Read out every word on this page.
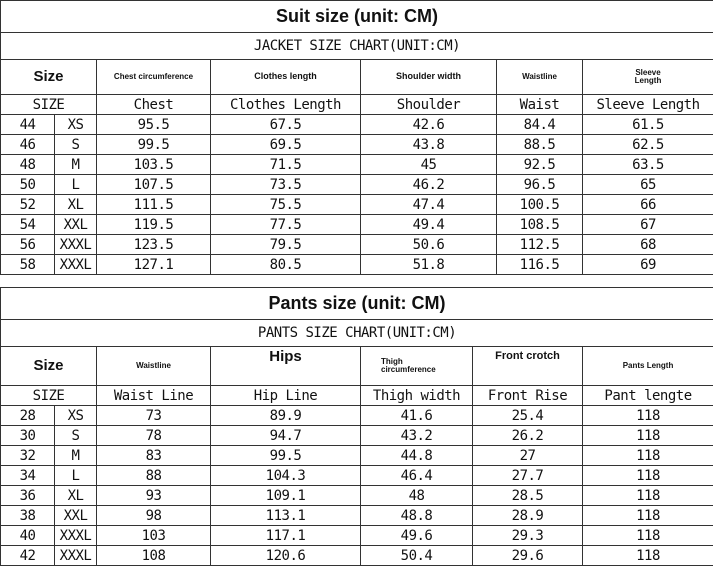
Suit size (unit: CM)						
JACKET SIZE CHART(UNIT:CM)						
Size		Chest circumference	Clothes length	Shoulder width	Waistline	Sleeve Length
SIZE		Chest	Clothes Length	Shoulder	Waist	Sleeve Length
44	XS	95.5	67.5	42.6	84.4	61.5
46	S	99.5	69.5	43.8	88.5	62.5
48	M	103.5	71.5	45	92.5	63.5
50	L	107.5	73.5	46.2	96.5	65
52	XL	111.5	75.5	47.4	100.5	66
54	XXL	119.5	77.5	49.4	108.5	67
56	XXXL	123.5	79.5	50.6	112.5	68
58	XXXL	127.1	80.5	51.8	116.5	69
Pants size (unit: CM)						
PANTS SIZE CHART(UNIT:CM)						
Size		Waistline	Hips	Thigh circumference	Front crotch	Pants Length
SIZE		Waist Line	Hip Line	Thigh width	Front Rise	Pant lengte
28	XS	73	89.9	41.6	25.4	118
30	S	78	94.7	43.2	26.2	118
32	M	83	99.5	44.8	27	118
34	L	88	104.3	46.4	27.7	118
36	XL	93	109.1	48	28.5	118
38	XXL	98	113.1	48.8	28.9	118
40	XXXL	103	117.1	49.6	29.3	118
42	XXXL	108	120.6	50.4	29.6	118
